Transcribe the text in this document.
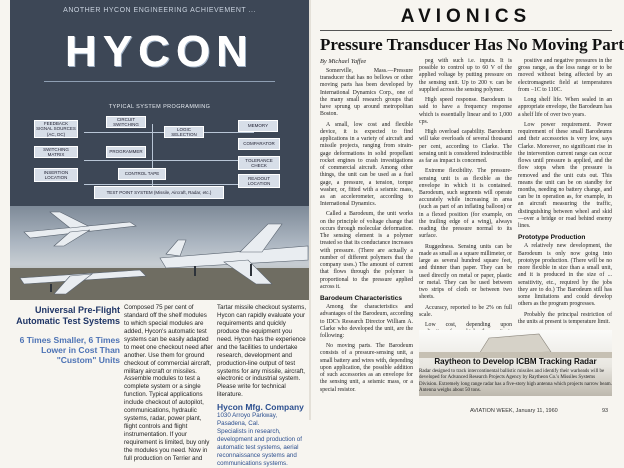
ANOTHER HYCON ENGINEERING ACHIEVEMENT ...
HYCON
TYPICAL SYSTEM PROGRAMMING
FEEDBACK SIGNAL SOURCES (AC, DC)
SWITCHING MATRIX
CIRCUIT SWITCHING
LOGIC SELECTION
MEMORY
COMPARATOR
PROGRAMMER
TOLERANCE CHECK
INSERTION LOCATION
CONTROL TAPE
READOUT LOCATION
TEST POINT SYSTEM (Missile, Aircraft, Radar, etc.)

Universal Pre-Flight Automatic Test Systems

6 Times Smaller, 6 Times Lower in Cost Than "Custom" Units

Composed 75 per cent of standard off the shelf modules to which special modules are added, Hycon's automatic test systems can be easily adapted to meet one checkout need after another. Use them for ground checkout of commercial aircraft, military aircraft or missiles. Assemble modules to test a complete system or a single function. Typical applications include checkout of autopilot, communications, hydraulic systems, radar, power plant, flight controls and flight instrumentation. If your requirement is limited, buy only the modules you need. Now in full production on Terrier and

Tartar missile checkout systems, Hycon can rapidly evaluate your requirements and quickly produce the equipment you need. Hycon has the experience and the facilities to undertake research, development and production-line output of test systems for any missile, aircraft, electronic or industrial system. Please write for technical literature.

Hycon Mfg. Company

1030 Arroyo Parkway, Pasadena, Cal.

Specialists in research, development and production of automatic test systems, aerial reconnaissance systems and communications systems.

AVIONICS
Pressure Transducer Has No Moving Part

By Michael Yaffee

Somerville, Mass.—Pressure transducer that has no bellows or other moving parts has been developed by International Dynamics Corp., one of the many small research groups that have sprung up around metropolitan Boston.

A small, low cost and flexible device, it is expected to find applications in a variety of aircraft and missile projects, ranging from strain-gage deformations in solid propellant rocket engines to crash investigations of commercial aircraft. Among other things, the unit can be used as a fuel gage, a pressure, a tension, torque washer, or, fitted with a seismic mass, as an accelerometer, according to International Dynamics.

Called a Barodeum, the unit works on the principle of voltage change that occurs through molecular deformation. The sensing element is a polymer treated so that its conductance increases with pressure. (There are actually a number of different polymers that the company uses.) The amount of current that flows through the polymer is proportional to the pressure applied across it.

Barodeum Characteristics

Among the characteristics and advantages of the Barodeum, according to IDC's Research Director William A. Clarke who developed the unit, are the following:

No moving parts. The Barodeum consists of a pressure-sensing unit, a small battery and wires with, depending upon application, the possible addition of such accessories as an envelope for the sensing unit, a seismic mass, or a special resistor.

peg with such i.e. inputs. It is possible to control up to 60 V of the applied voltage by putting pressure on the sensing unit. Up to 200 v. can be supplied across the sensing polymer.

High speed response. Barodeum is said to have a frequency response which is essentially linear and to 1,000 cps.

High overload capability. Barodeum will take overloads of several thousand per cent, according to Clarke. The sensing unit is considered indestructible as far as impact is concerned.

Extreme flexibility. The pressure-sensing unit is as flexible as the envelope in which it is contained. Barodeum, such segments will operate accurately while increasing in area (such as part of an inflating balloon) or in a flexed position (for example, on the trailing edge of a wing), always reading the pressure normal to its surface.

Ruggedness. Sensing units can be made as small as a square millimeter, or large as several hundred square feet, and thinner than paper. They can be used directly on metal or paper, plastic or metal. They can be used between two strips of cloth or between two sheets.

Accuracy, reported to be 2% on full scale.

Low cost, depending upon

positive and negative pressures in the gross range, as the loss range or to be moved without being affected by an electromagnetic field at temperatures from −1C to 110C.

Long shelf life. When sealed in an appropriate envelope, the Barodeum has a shelf life of over two years.

Low power requirement. Power requirement of these small Barodeums and their accessories is very low, says Clarke. Moreover, no significant rise in the intervention current range can occur flows until pressure is applied, and the flow stops when the pressure is removed and the unit cuts out. This means the unit can be on standby for months, needing no battery change, and can be in operation as, for example, in an aircraft measuring the traffic, distinguishing between wheel and skid—over a bridge or road behind enemy lines.

Prototype Production

A relatively new development, the Barodeum is only now going into prototype production. (There will be no more flexible in size than a small unit, and it is produced in the size of ... sensitivity, etc., required by the jobs they are to do.) The Barodeum still has some limitations and could develop others as the program progresses.

Probably the principal restriction of the units at present is temperature limit.

Raytheon to Develop ICBM Tracking Radar

Radar designed to track intercontinental ballistic missiles and identify their warheads will be developed for Advanced Research Projects Agency by Raytheon Co.'s Missiles Systems Division. Extremely long range radar has a five-story high antenna which projects narrow beam. Antenna weighs about 50 tons.

AVIATION WEEK, January 11, 1960	93
